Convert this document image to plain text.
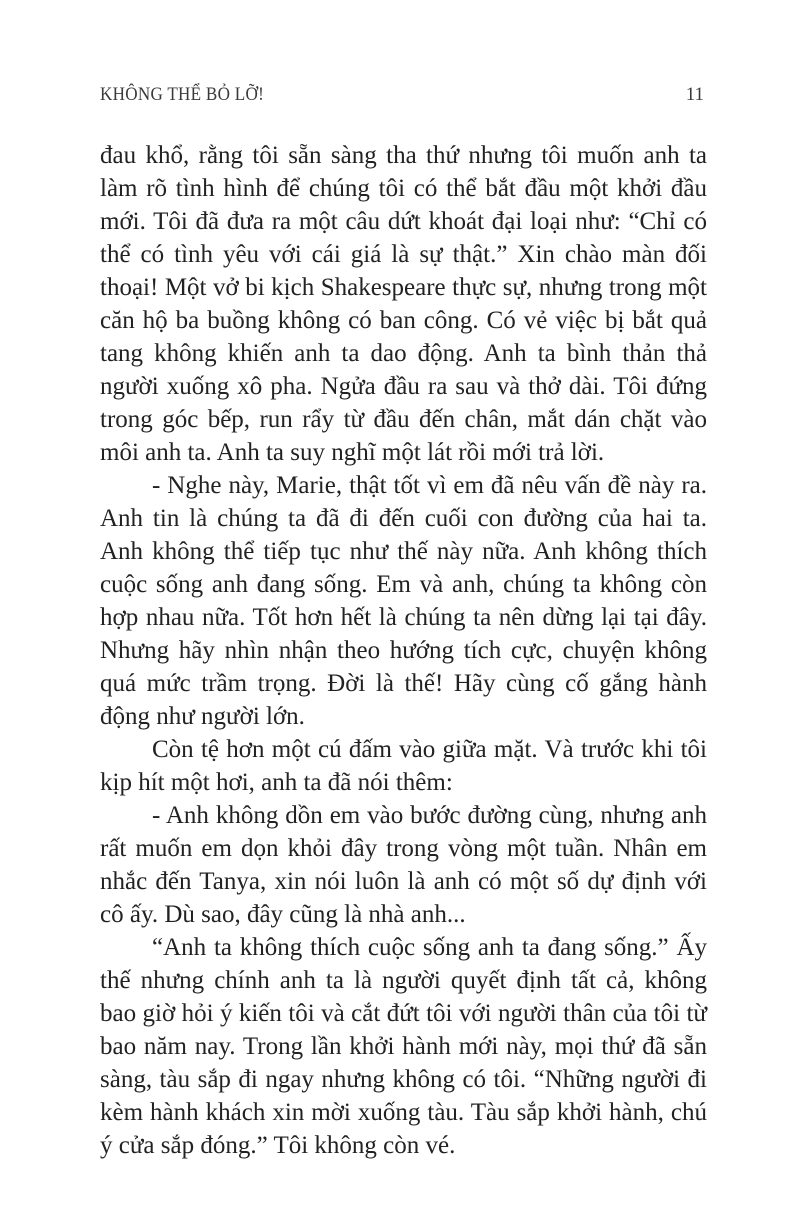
KHÔNG THỂ BỎ LỠ!	11

đau khổ, rằng tôi sẵn sàng tha thứ nhưng tôi muốn anh ta làm rõ tình hình để chúng tôi có thể bắt đầu một khởi đầu mới. Tôi đã đưa ra một câu dứt khoát đại loại như: “Chỉ có thể có tình yêu với cái giá là sự thật.” Xin chào màn đối thoại! Một vở bi kịch Shakespeare thực sự, nhưng trong một căn hộ ba buồng không có ban công. Có vẻ việc bị bắt quả tang không khiến anh ta dao động. Anh ta bình thản thả người xuống xô pha. Ngửa đầu ra sau và thở dài. Tôi đứng trong góc bếp, run rẩy từ đầu đến chân, mắt dán chặt vào môi anh ta. Anh ta suy nghĩ một lát rồi mới trả lời.

- Nghe này, Marie, thật tốt vì em đã nêu vấn đề này ra. Anh tin là chúng ta đã đi đến cuối con đường của hai ta. Anh không thể tiếp tục như thế này nữa. Anh không thích cuộc sống anh đang sống. Em và anh, chúng ta không còn hợp nhau nữa. Tốt hơn hết là chúng ta nên dừng lại tại đây. Nhưng hãy nhìn nhận theo hướng tích cực, chuyện không quá mức trầm trọng. Đời là thế! Hãy cùng cố gắng hành động như người lớn.

Còn tệ hơn một cú đấm vào giữa mặt. Và trước khi tôi kịp hít một hơi, anh ta đã nói thêm:

- Anh không dồn em vào bước đường cùng, nhưng anh rất muốn em dọn khỏi đây trong vòng một tuần. Nhân em nhắc đến Tanya, xin nói luôn là anh có một số dự định với cô ấy. Dù sao, đây cũng là nhà anh...

“Anh ta không thích cuộc sống anh ta đang sống.” Ấy thế nhưng chính anh ta là người quyết định tất cả, không bao giờ hỏi ý kiến tôi và cắt đứt tôi với người thân của tôi từ bao năm nay. Trong lần khởi hành mới này, mọi thứ đã sẵn sàng, tàu sắp đi ngay nhưng không có tôi. “Những người đi kèm hành khách xin mời xuống tàu. Tàu sắp khởi hành, chú ý cửa sắp đóng.” Tôi không còn vé.
